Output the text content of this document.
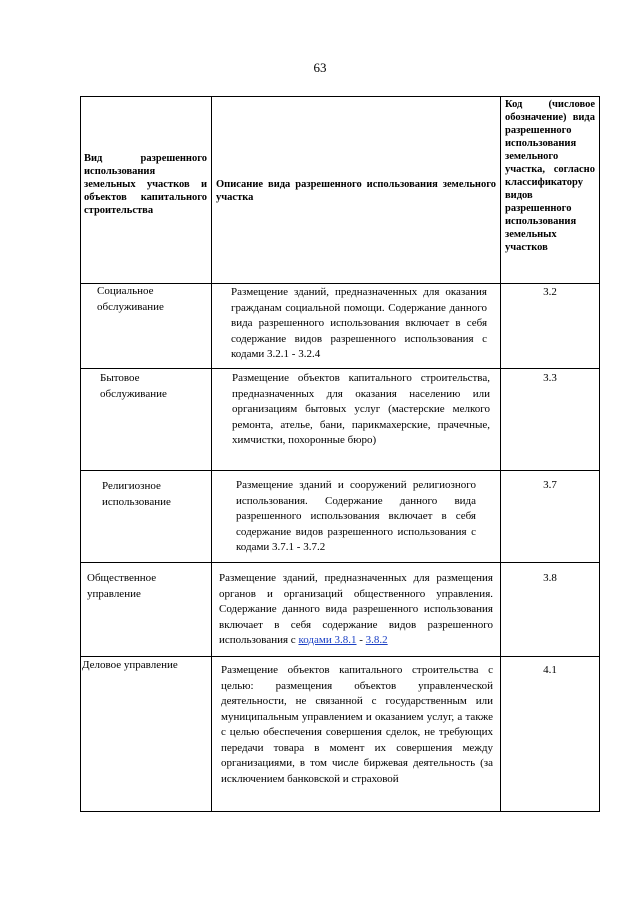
63
Вид разрешенного использования земельных участков и объектов капитального строительства
Описание вида разрешенного использования земельного участка
Код (числовое обозначение) вида разрешенного использования земельного участка, согласно классификатору видов разрешенного использования земельных участков
Социальное обслуживание
Размещение зданий, предназначенных для оказания гражданам социальной помощи. Содержание данного вида разрешенного использования включает в себя содержание видов разрешенного использования с кодами 3.2.1 - 3.2.4
3.2
Бытовое обслуживание
Размещение объектов капитального строительства, предназначенных для оказания населению или организациям бытовых услуг (мастерские мелкого ремонта, ателье, бани, парикмахерские, прачечные, химчистки, похоронные бюро)
3.3
Религиозное использование
Размещение зданий и сооружений религиозного использования. Содержание данного вида разрешенного использования включает в себя содержание видов разрешенного использования с кодами 3.7.1 - 3.7.2
3.7
Общественное управление
Размещение зданий, предназначенных для размещения органов и организаций общественного управления. Содержание данного вида разрешенного использования включает в себя содержание видов разрешенного использования с кодами 3.8.1 - 3.8.2
3.8
Деловое управление	Размещение объектов капитального строительства с целью: размещения объектов управленческой деятельности, не связанной с государственным или муниципальным управлением и оказанием услуг, а также с целью обеспечения совершения сделок, не требующих передачи товара в момент их совершения между организациями, в том числе биржевая деятельность (за исключением банковской и страховой
4.1
